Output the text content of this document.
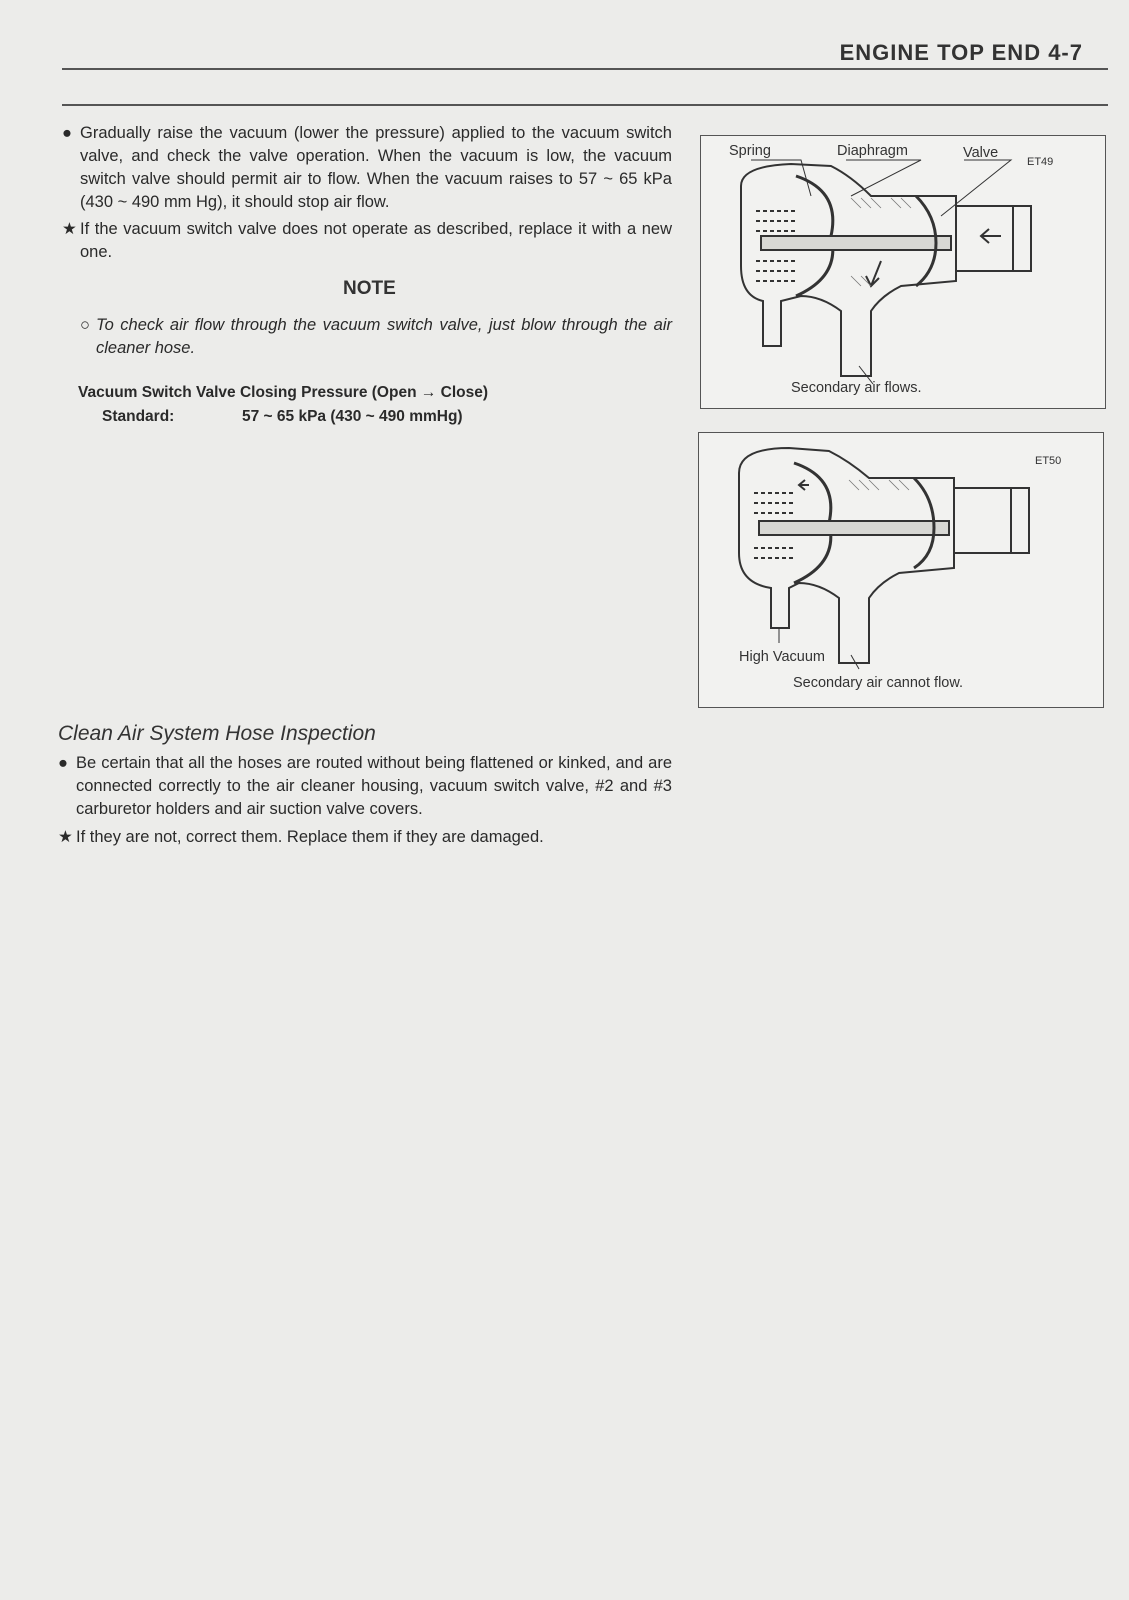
ENGINE TOP END 4-7
● Gradually raise the vacuum (lower the pressure) applied to the vacuum switch valve, and check the valve operation. When the vacuum is low, the vacuum switch valve should permit air to flow. When the vacuum raises to 57 ~ 65 kPa (430 ~ 490 mm Hg), it should stop air flow.
★ If the vacuum switch valve does not operate as described, replace it with a new one.
NOTE
○ To check air flow through the vacuum switch valve, just blow through the air cleaner hose.
Vacuum Switch Valve Closing Pressure (Open → Close)
Standard:	57 ~ 65 kPa (430 ~ 490 mmHg)
Clean Air System Hose Inspection
● Be certain that all the hoses are routed without being flattened or kinked, and are connected correctly to the air cleaner housing, vacuum switch valve, #2 and #3 carburetor holders and air suction valve covers.
★ If they are not, correct them. Replace them if they are damaged.
Spring	Diaphragm	Valve
ET49
Secondary air flows.
ET50
High Vacuum
Secondary air cannot flow.
